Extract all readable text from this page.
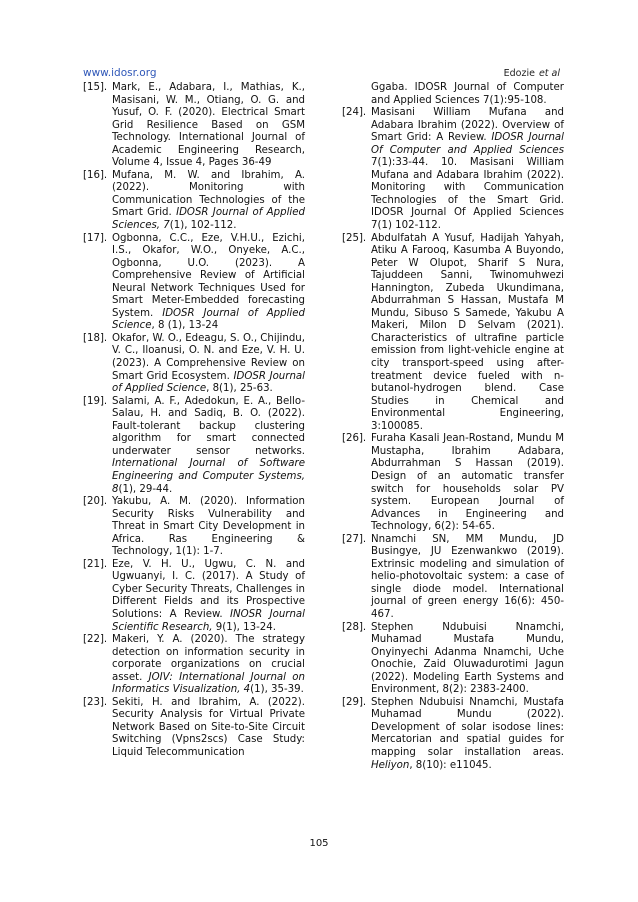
www.idosr.org	Edozie et al
[15]. Mark, E., Adabara, I., Mathias, K., Masisani, W. M., Otiang, O. G. and Yusuf, O. F. (2020). Electrical Smart Grid Resilience Based on GSM Technology. International Journal of Academic Engineering Research, Volume 4, Issue 4, Pages 36-49
[16]. Mufana, M. W. and Ibrahim, A. (2022). Monitoring with Communication Technologies of the Smart Grid. IDOSR Journal of Applied Sciences, 7(1), 102-112.
[17]. Ogbonna, C.C., Eze, V.H.U., Ezichi, I.S., Okafor, W.O., Onyeke, A.C., Ogbonna, U.O. (2023). A Comprehensive Review of Artificial Neural Network Techniques Used for Smart Meter-Embedded forecasting System. IDOSR Journal of Applied Science, 8 (1), 13-24
[18]. Okafor, W. O., Edeagu, S. O., Chijindu, V. C., Iloanusi, O. N. and Eze, V. H. U. (2023). A Comprehensive Review on Smart Grid Ecosystem. IDOSR Journal of Applied Science, 8(1), 25-63.
[19]. Salami, A. F., Adedokun, E. A., Bello-Salau, H. and Sadiq, B. O. (2022). Fault-tolerant backup clustering algorithm for smart connected underwater sensor networks. International Journal of Software Engineering and Computer Systems, 8(1), 29-44.
[20]. Yakubu, A. M. (2020). Information Security Risks Vulnerability and Threat in Smart City Development in Africa. Ras Engineering & Technology, 1(1): 1-7.
[21]. Eze, V. H. U., Ugwu, C. N. and Ugwuanyi, I. C. (2017). A Study of Cyber Security Threats, Challenges in Different Fields and its Prospective Solutions: A Review. INOSR Journal Scientific Research, 9(1), 13-24.
[22]. Makeri, Y. A. (2020). The strategy detection on information security in corporate organizations on crucial asset. JOIV: International Journal on Informatics Visualization, 4(1), 35-39.
[23]. Sekiti, H. and Ibrahim, A. (2022). Security Analysis for Virtual Private Network Based on Site-to-Site Circuit Switching (Vpns2scs) Case Study: Liquid Telecommunication
Ggaba. IDOSR Journal of Computer and Applied Sciences 7(1):95-108.
[24]. Masisani William Mufana and Adabara Ibrahim (2022). Overview of Smart Grid: A Review. IDOSR Journal Of Computer and Applied Sciences 7(1):33-44. 10. Masisani William Mufana and Adabara Ibrahim (2022). Monitoring with Communication Technologies of the Smart Grid. IDOSR Journal Of Applied Sciences 7(1) 102-112.
[25]. Abdulfatah A Yusuf, Hadijah Yahyah, Atiku A Farooq, Kasumba A Buyondo, Peter W Olupot, Sharif S Nura, Tajuddeen Sanni, Twinomuhwezi Hannington, Zubeda Ukundimana, Abdurrahman S Hassan, Mustafa M Mundu, Sibuso S Samede, Yakubu A Makeri, Milon D Selvam (2021). Characteristics of ultrafine particle emission from light-vehicle engine at city transport-speed using after-treatment device fueled with n-butanol-hydrogen blend. Case Studies in Chemical and Environmental Engineering, 3:100085.
[26]. Furaha Kasali Jean-Rostand, Mundu M Mustapha, Ibrahim Adabara, Abdurrahman S Hassan (2019). Design of an automatic transfer switch for households solar PV system. European Journal of Advances in Engineering and Technology, 6(2): 54-65.
[27]. Nnamchi SN, MM Mundu, JD Busingye, JU Ezenwankwo (2019). Extrinsic modeling and simulation of helio-photovoltaic system: a case of single diode model. International journal of green energy 16(6): 450-467.
[28]. Stephen Ndubuisi Nnamchi, Muhamad Mustafa Mundu, Onyinyechi Adanma Nnamchi, Uche Onochie, Zaid Oluwadurotimi Jagun (2022). Modeling Earth Systems and Environment, 8(2): 2383-2400.
[29]. Stephen Ndubuisi Nnamchi, Mustafa Muhamad Mundu (2022). Development of solar isodose lines: Mercatorian and spatial guides for mapping solar installation areas. Heliyon, 8(10): e11045.
105
